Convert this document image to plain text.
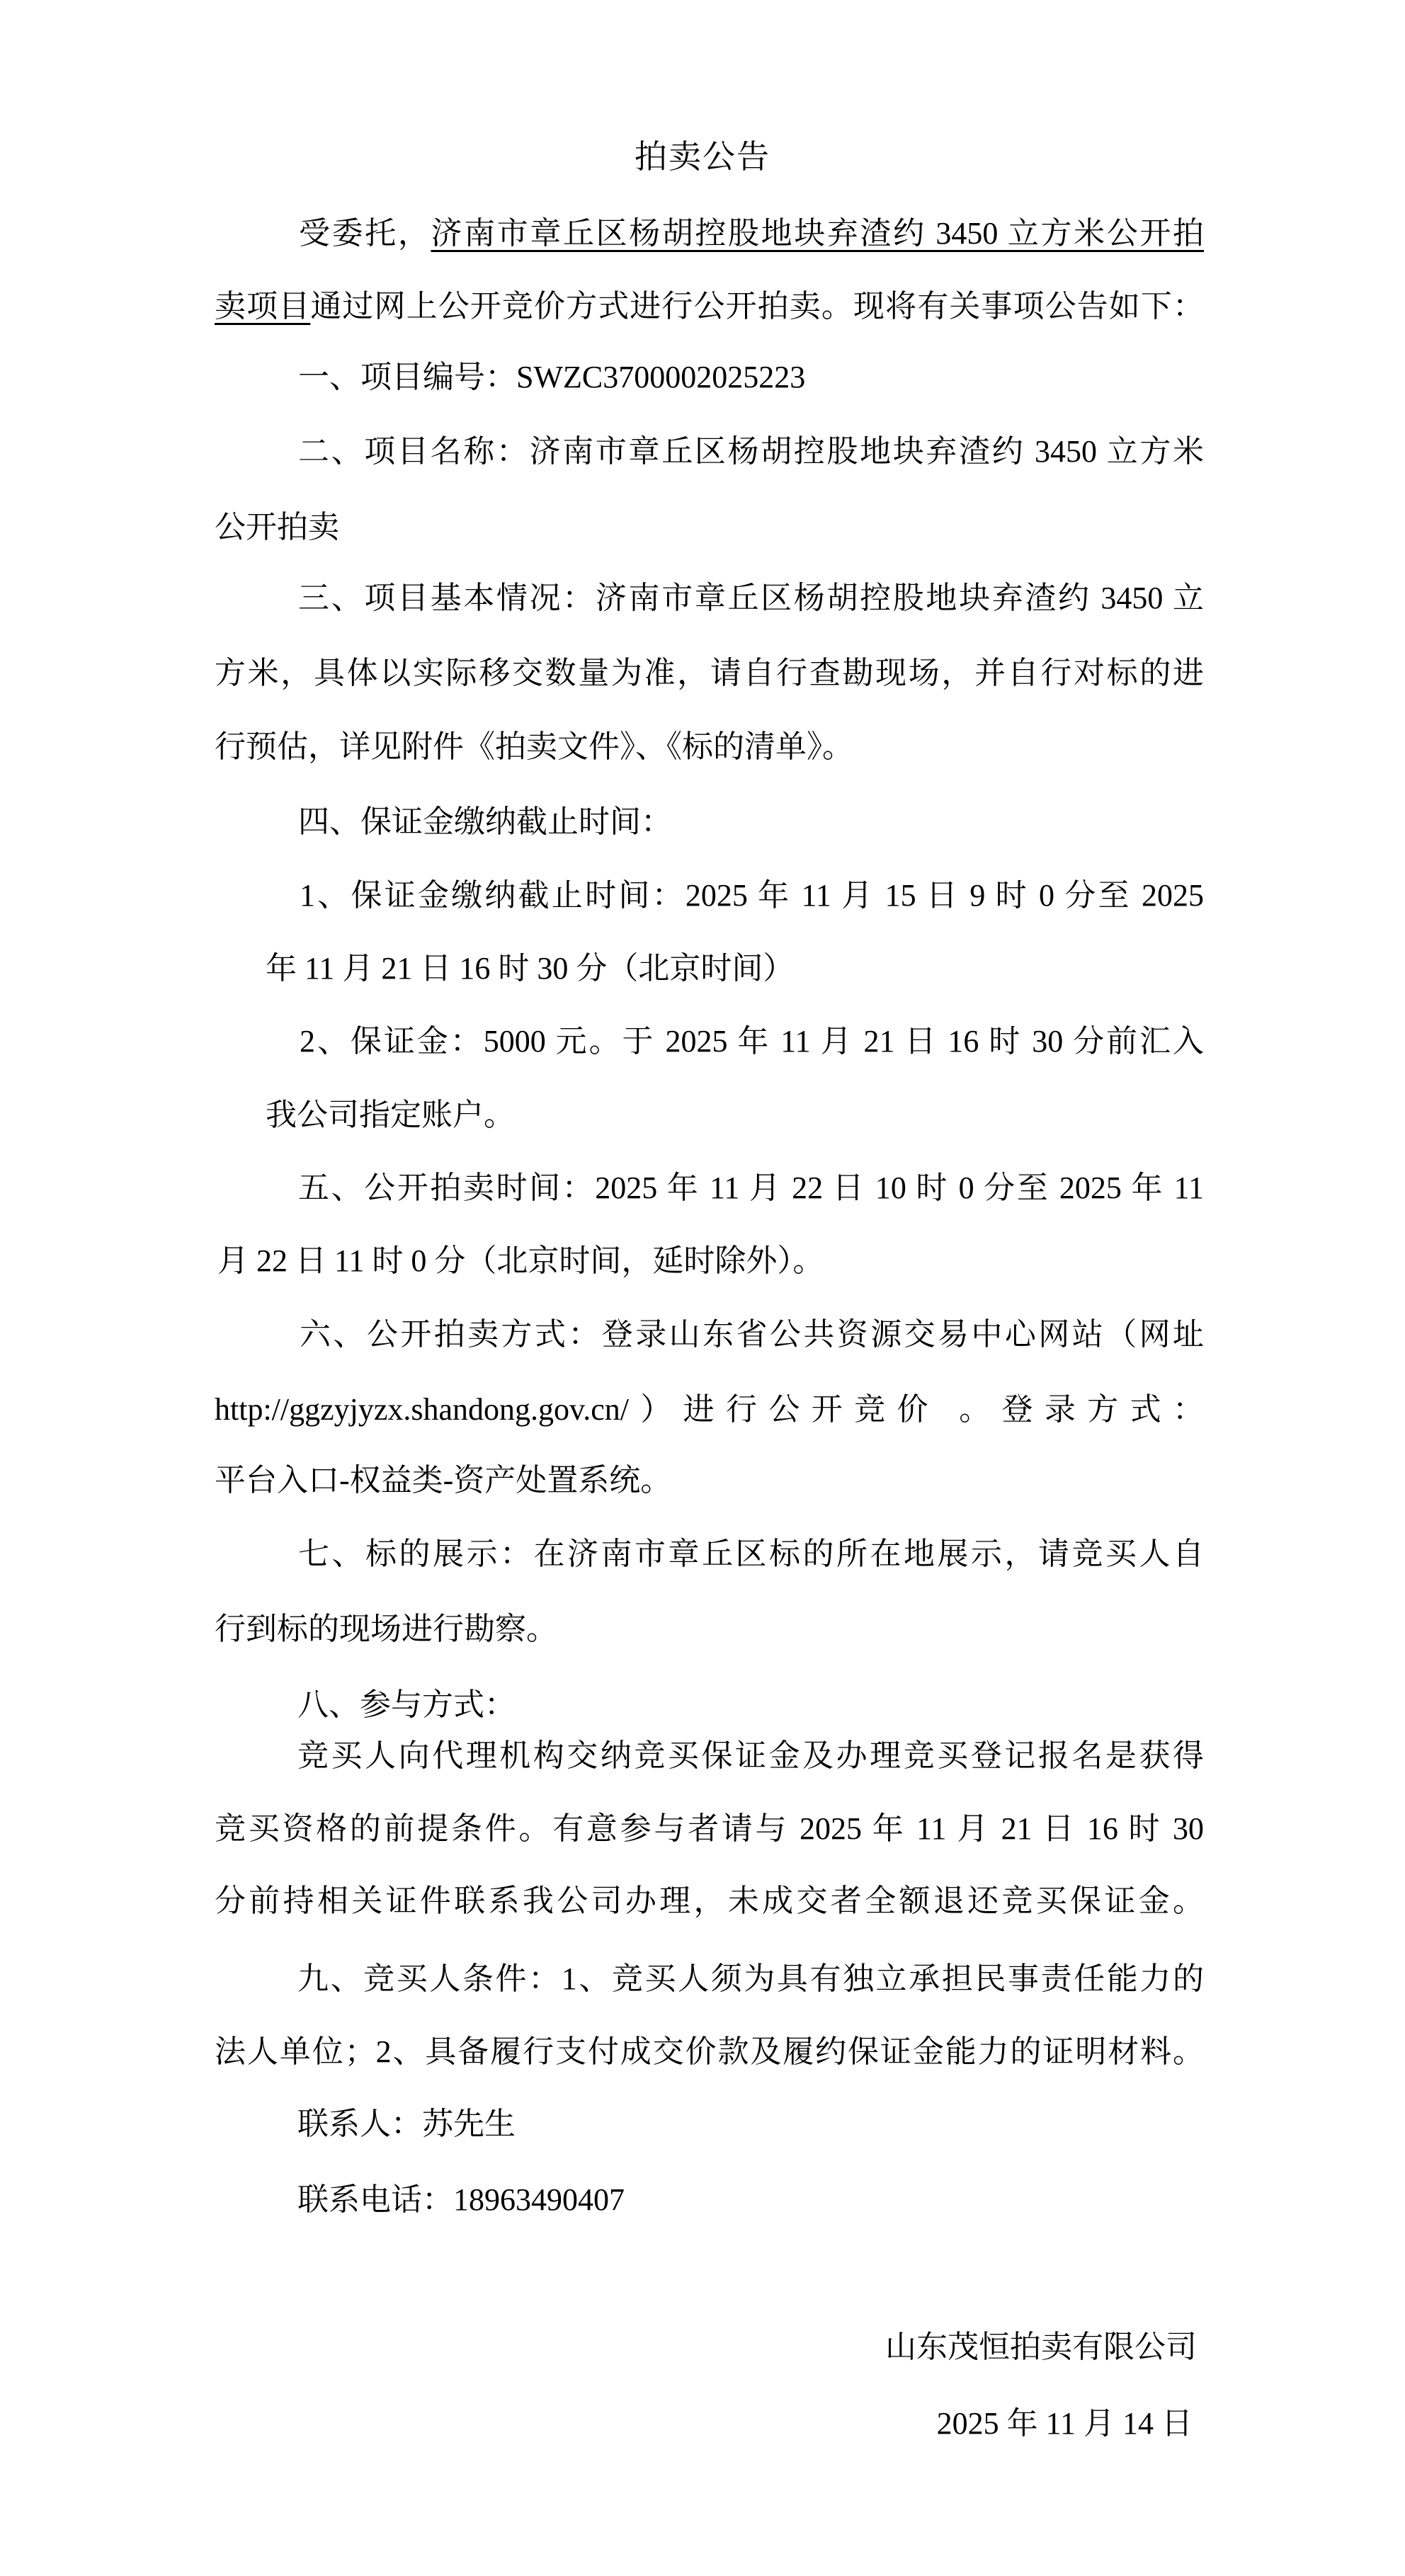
拍卖公告
受委托，济南市章丘区杨胡控股地块弃渣约 3450 立方米公开拍
卖项目通过网上公开竞价方式进行公开拍卖。现将有关事项公告如下：
一、项目编号：SWZC3700002025223
二、项目名称：济南市章丘区杨胡控股地块弃渣约 3450 立方米
公开拍卖
三、项目基本情况：济南市章丘区杨胡控股地块弃渣约 3450 立
方米，具体以实际移交数量为准，请自行查勘现场，并自行对标的进
行预估，详见附件《拍卖文件》、《标的清单》。
四、保证金缴纳截止时间：
1、保证金缴纳截止时间：2025 年 11 月 15 日 9 时 0 分至 2025
年 11 月 21 日 16 时 30 分（北京时间）
2、保证金：5000 元。于 2025 年 11 月 21 日 16 时 30 分前汇入
我公司指定账户。
五、公开拍卖时间：2025 年 11 月 22 日 10 时 0 分至 2025 年 11
月 22 日 11 时 0 分（北京时间，延时除外）。
六、公开拍卖方式：登录山东省公共资源交易中心网站（网址
http://ggzyjyzx.shandong.gov.cn/）进行公开竞价 。登录方式：
平台入口-权益类-资产处置系统。
七、标的展示：在济南市章丘区标的所在地展示，请竞买人自
行到标的现场进行勘察。
八、参与方式：
竞买人向代理机构交纳竞买保证金及办理竞买登记报名是获得
竞买资格的前提条件。有意参与者请与 2025 年 11 月 21 日 16 时 30
分前持相关证件联系我公司办理，未成交者全额退还竞买保证金。
九、竞买人条件：1、竞买人须为具有独立承担民事责任能力的
法人单位；2、具备履行支付成交价款及履约保证金能力的证明材料。
联系人：苏先生
联系电话：18963490407
山东茂恒拍卖有限公司
2025 年 11 月 14 日
